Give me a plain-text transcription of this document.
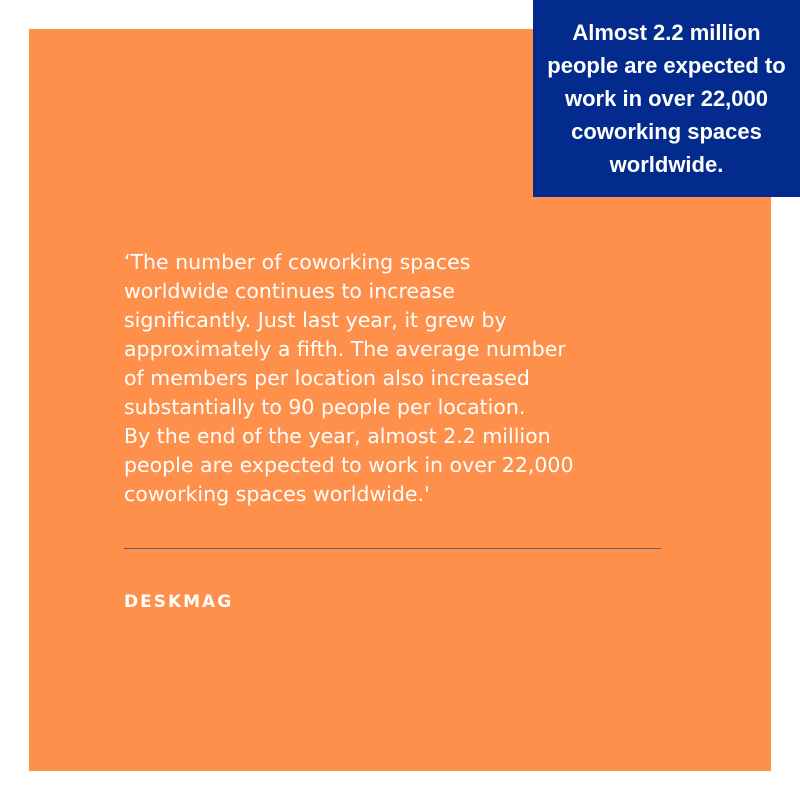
Almost 2.2 million people are expected to work in over 22,000 coworking spaces worldwide.

‘The number of coworking spaces
worldwide continues to increase
significantly. Just last year, it grew by
approximately a fifth. The average number
of members per location also increased
substantially to 90 people per location.
By the end of the year, almost 2.2 million
people are expected to work in over 22,000
coworking spaces worldwide.'

DESKMAG
